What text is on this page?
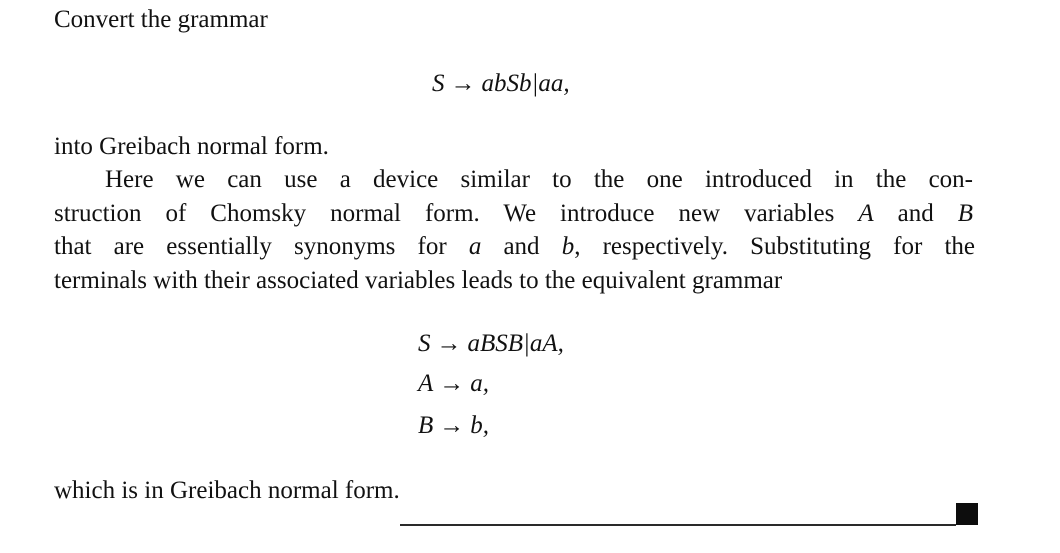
Convert the grammar
S → abSb|aa,
into Greibach normal form.
Here we can use a device similar to the one introduced in the con-
struction of Chomsky normal form. We introduce new variables A and B
that are essentially synonyms for a and b, respectively. Substituting for the
terminals with their associated variables leads to the equivalent grammar
S → aBSB|aA,
A → a,
B → b,
which is in Greibach normal form.
